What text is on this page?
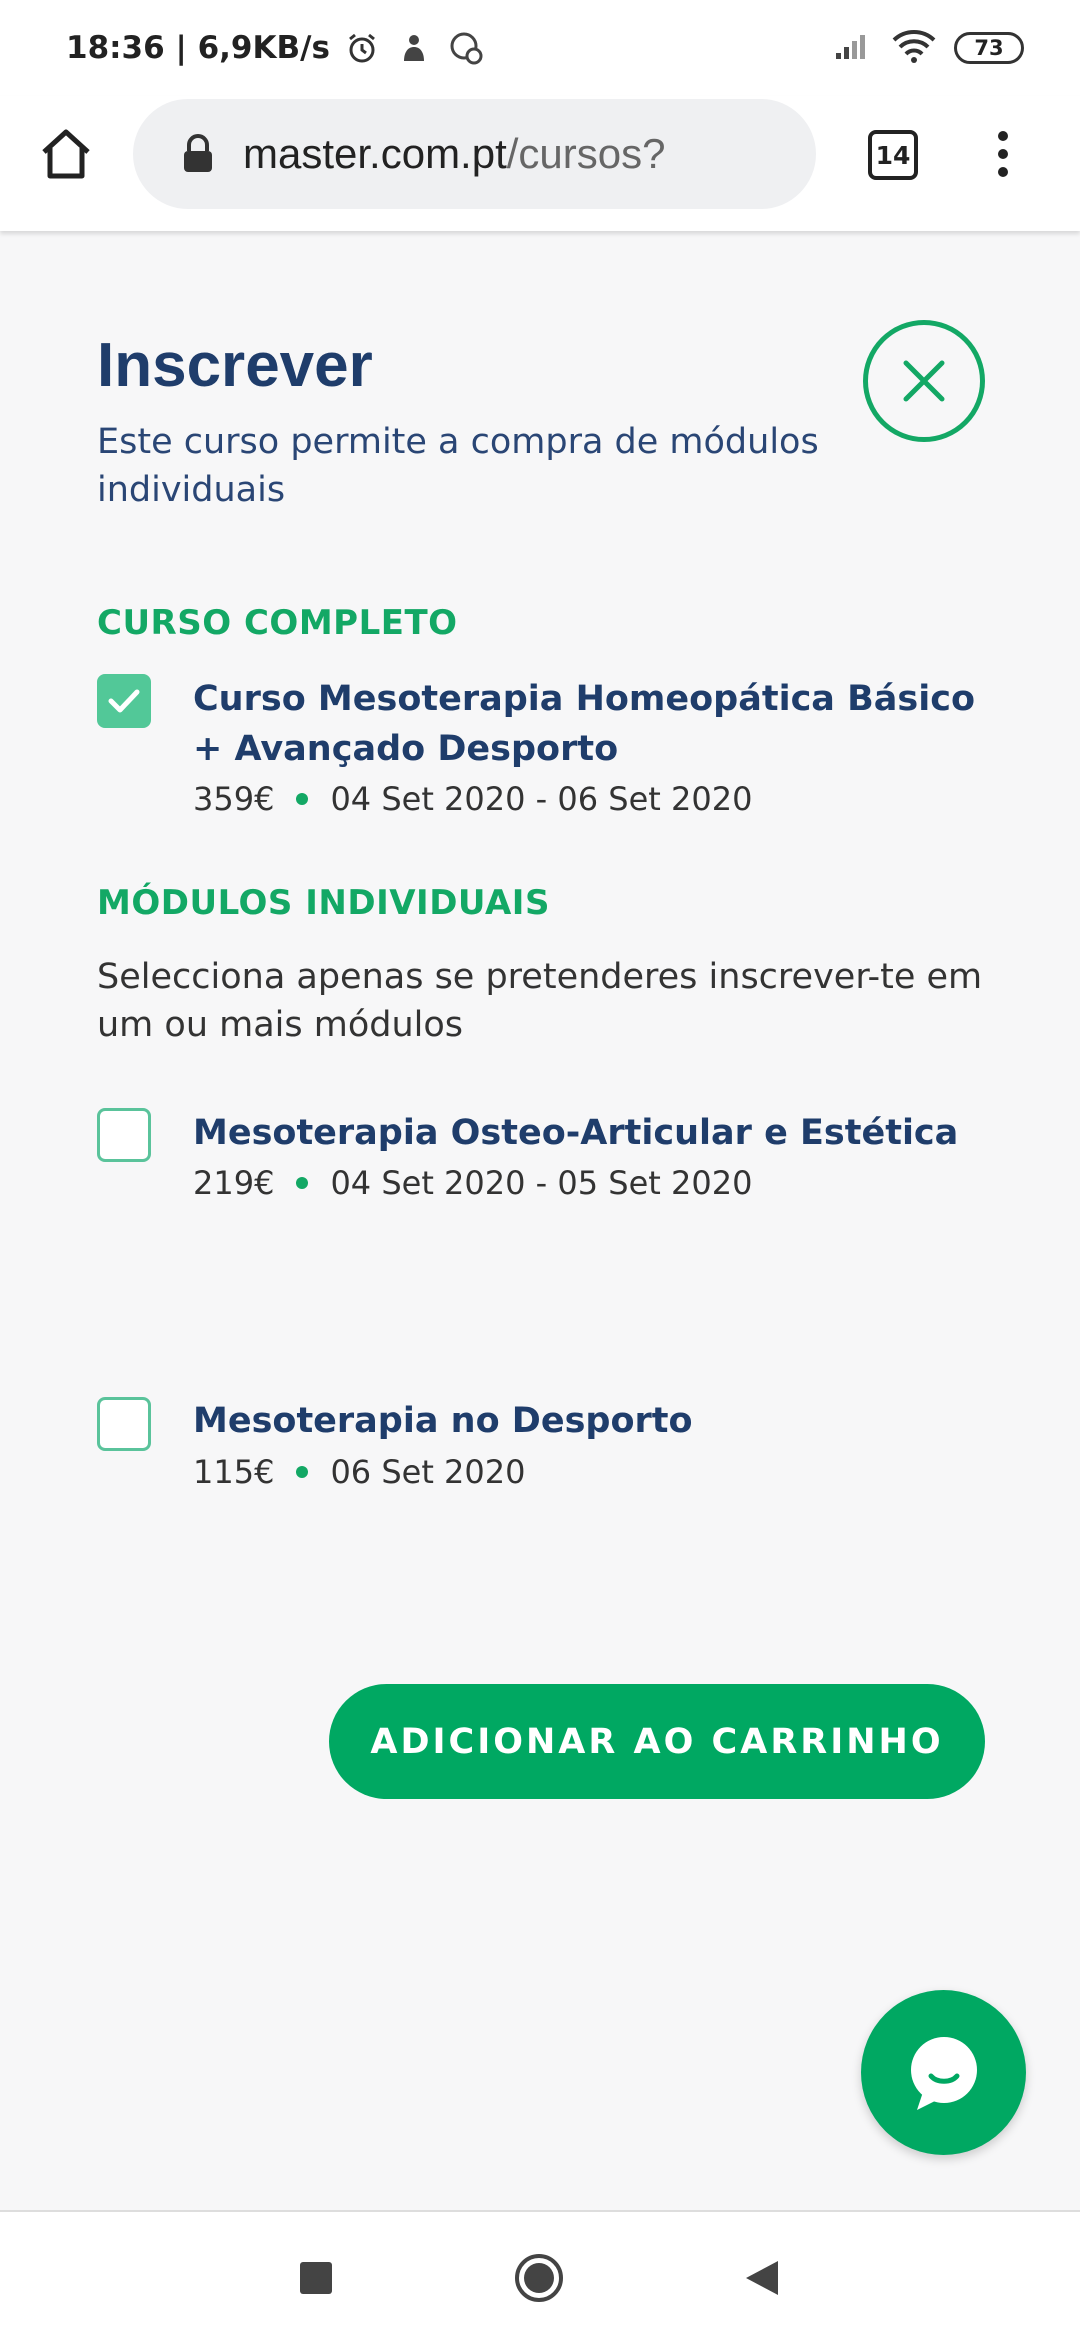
18:36 | 6,9KB/s	73
master.com.pt /cursos?	14
Inscrever
Este curso permite a compra de módulos individuais
CURSO COMPLETO
Curso Mesoterapia Homeopática Básico + Avançado Desporto
359€ 04 Set 2020 - 06 Set 2020
MÓDULOS INDIVIDUAIS
Selecciona apenas se pretenderes inscrever-te em um ou mais módulos
Mesoterapia Osteo-Articular e Estética
219€ 04 Set 2020 - 05 Set 2020
Mesoterapia no Desporto
115€ 06 Set 2020
ADICIONAR AO CARRINHO
